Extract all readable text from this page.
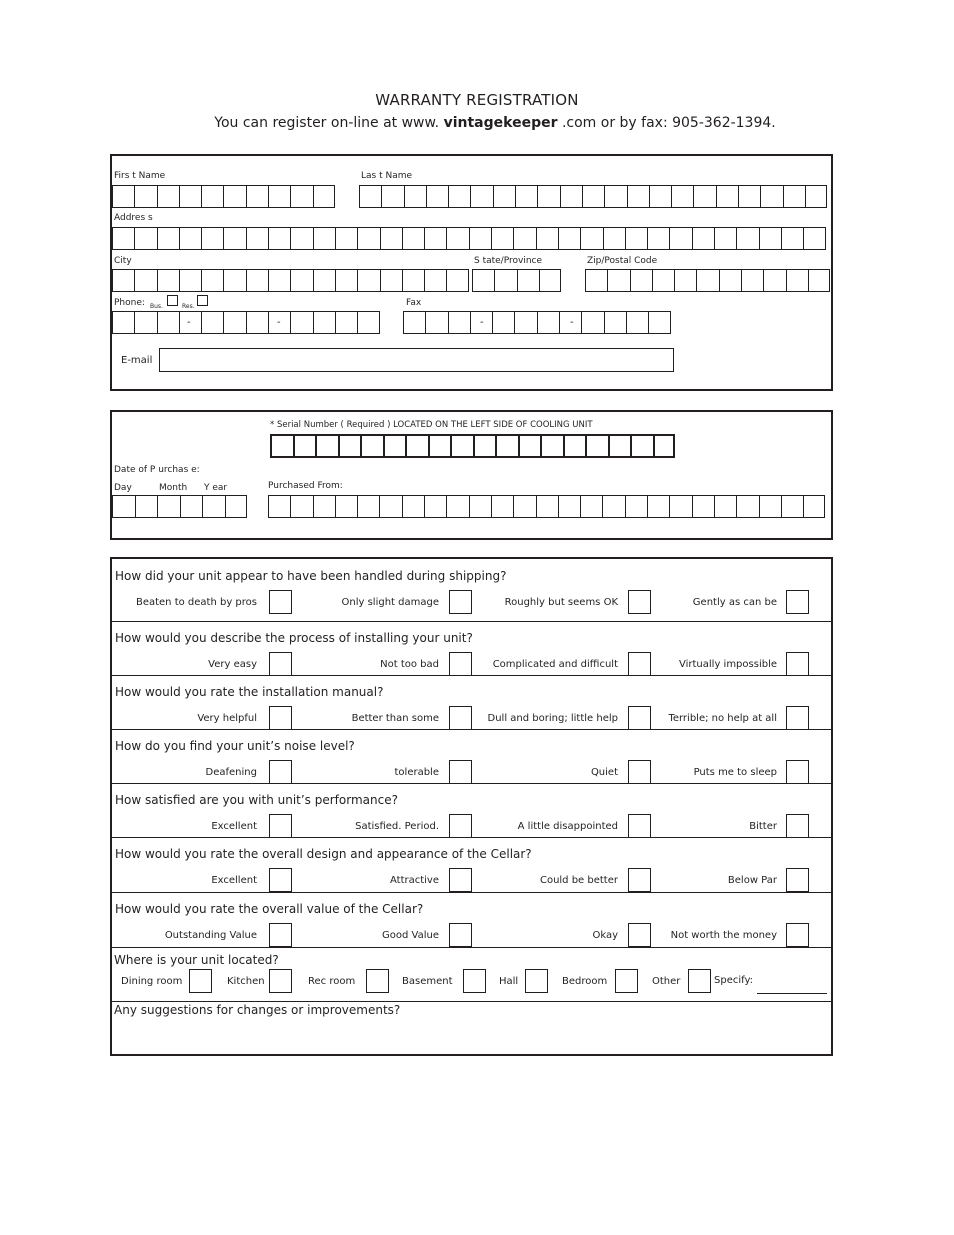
WARRANTY REGISTRATION
You can register on-line at www. vintagekeeper .com or by fax: 905-362-1394.
Firs t Name	Las t Name
Addres s
City	S tate/Province	Zip/Postal Code
Phone: Bus.	Res.	Fax
-	-	-	-
E-mail
* Serial Number ( Required ) LOCATED ON THE LEFT SIDE OF COOLING UNIT
Date of P urchas e:
Day	Month Y ear	Purchased From:
How did your unit appear to have been handled during shipping?
Beaten to death by pros	Only slight damage	Roughly but seems OK	Gently as can be
How would you describe the process of installing your unit?
Very easy	Not too bad	Complicated and difficult	Virtually impossible
How would you rate the installation manual?
Very helpful	Better than some	Dull and boring; little help	Terrible; no help at all
How do you find your unit’s noise level?
Deafening	tolerable	Quiet	Puts me to sleep
How satisfied are you with unit’s performance?
Excellent	Satisfied. Period.	A little disappointed	Bitter
How would you rate the overall design and appearance of the Cellar?
Excellent	Attractive	Could be better	Below Par
How would you rate the overall value of the Cellar?
Outstanding Value	Good Value	Okay	Not worth the money
Where is your unit located?
Dining room	Kitchen	Rec room	Basement	Hall	Bedroom	Other	Specify:
Any suggestions for changes or improvements?
